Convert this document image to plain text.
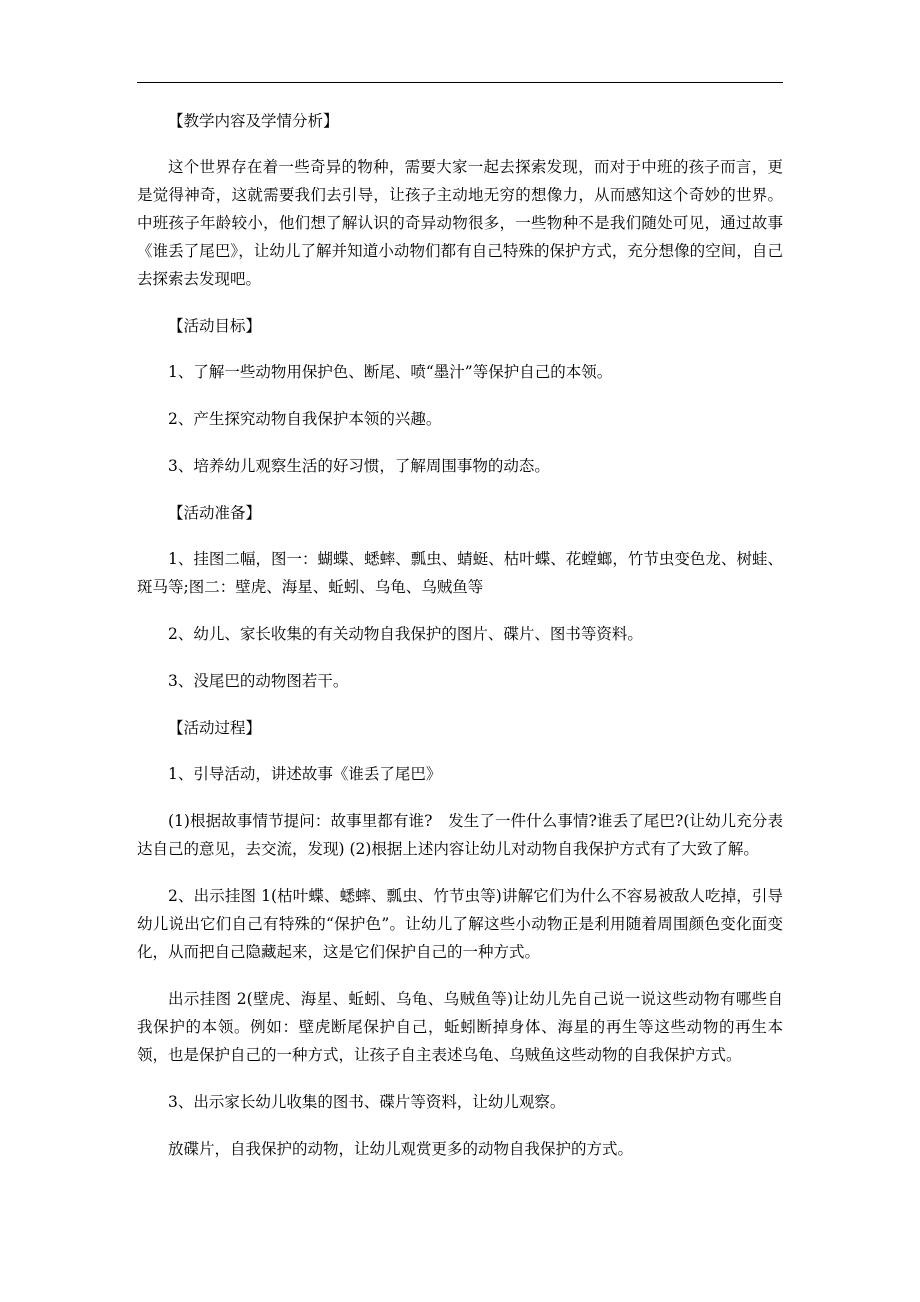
【教学内容及学情分析】

这个世界存在着一些奇异的物种，需要大家一起去探索发现，而对于中班的孩子而言，更是觉得神奇，这就需要我们去引导，让孩子主动地无穷的想像力，从而感知这个奇妙的世界。 中班孩子年龄较小，他们想了解认识的奇异动物很多，一些物种不是我们随处可见，通过故事《谁丢了尾巴》，让幼儿了解并知道小动物们都有自己特殊的保护方式，充分想像的空间，自己去探索去发现吧。

【活动目标】

1、了解一些动物用保护色、断尾、喷“墨汁”等保护自己的本领。

2、产生探究动物自我保护本领的兴趣。

3、培养幼儿观察生活的好习惯，了解周围事物的动态。

【活动准备】

1、挂图二幅，图一：蝴蝶、蟋蟀、瓢虫、蜻蜓、枯叶蝶、花螳螂，竹节虫变色龙、树蛙、斑马等;图二：壁虎、海星、蚯蚓、乌龟、乌贼鱼等

2、幼儿、家长收集的有关动物自我保护的图片、碟片、图书等资料。

3、没尾巴的动物图若干。

【活动过程】

1、引导活动，讲述故事《谁丢了尾巴》

(1)根据故事情节提问：故事里都有谁?　发生了一件什么事情?谁丢了尾巴?(让幼儿充分表达自己的意见，去交流，发现) (2)根据上述内容让幼儿对动物自我保护方式有了大致了解。

2、出示挂图 1(枯叶蝶、蟋蟀、瓢虫、竹节虫等)讲解它们为什么不容易被敌人吃掉，引导幼儿说出它们自己有特殊的“保护色”。让幼儿了解这些小动物正是利用随着周围颜色变化面变化，从而把自己隐藏起来，这是它们保护自己的一种方式。

出示挂图 2(壁虎、海星、蚯蚓、乌龟、乌贼鱼等)让幼儿先自己说一说这些动物有哪些自我保护的本领。例如：壁虎断尾保护自己，蚯蚓断掉身体、海星的再生等这些动物的再生本领，也是保护自己的一种方式，让孩子自主表述乌龟、乌贼鱼这些动物的自我保护方式。

3、出示家长幼儿收集的图书、碟片等资料，让幼儿观察。

放碟片，自我保护的动物，让幼儿观赏更多的动物自我保护的方式。
